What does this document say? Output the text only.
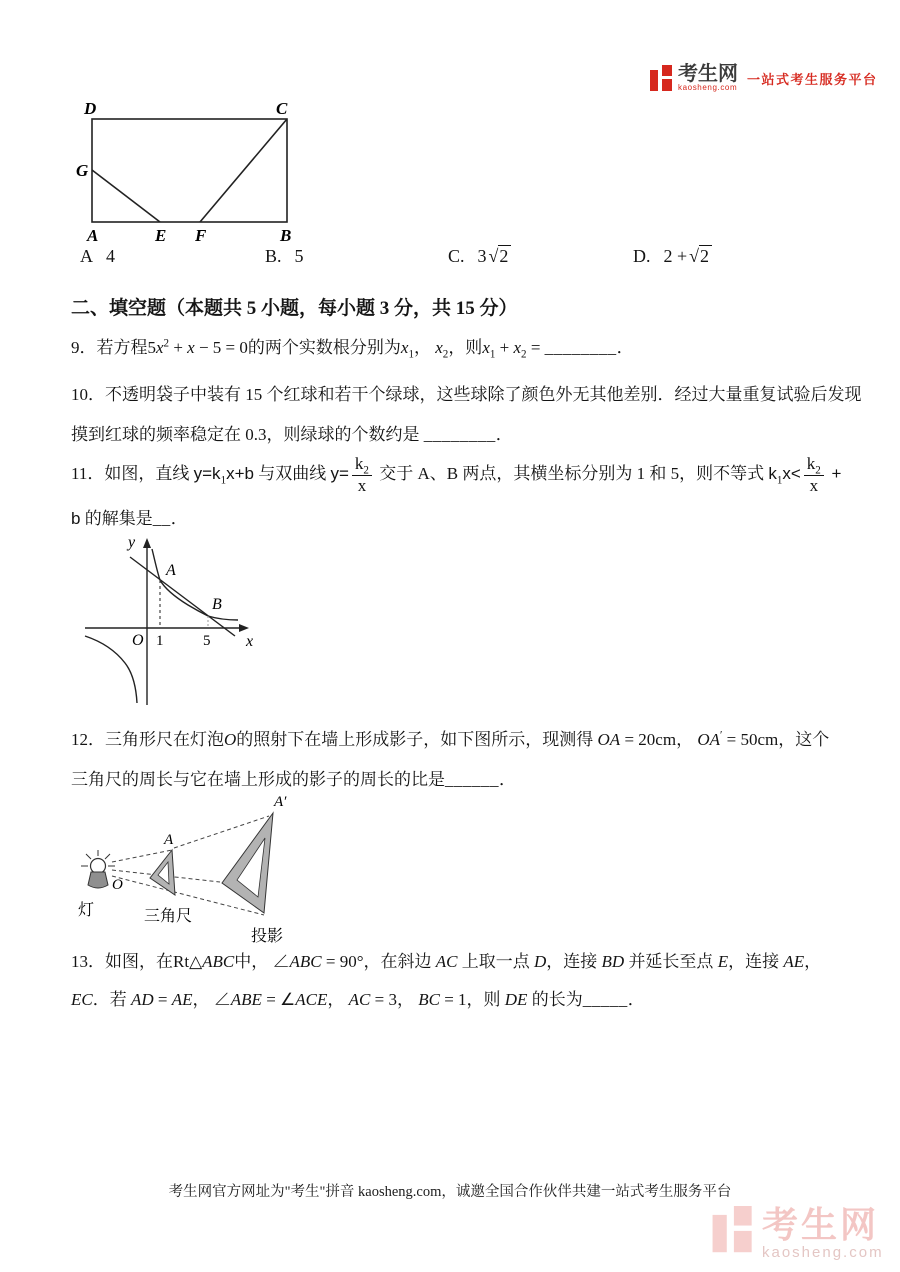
考生网
kaosheng.com
一站式考生服务平台
D	C
G
A	E F	B
A 4	B. 5	C. 3 √2	D. 2 + √2
二、填空题（本题共 5 小题，每小题 3 分，共 15 分）
9．若方程$5x^2 + x - 5 = 0$的两个实数根分别为$x_1$， $x_2$，则$x_1 + x_2$ = ________．
10．不透明袋子中装有 15 个红球和若干个绿球，这些球除了颜色外无其他差别．经过大量重复试验后发现
摸到红球的频率稳定在 0.3，则绿球的个数约是 ________．
11．如图，直线 $y=k_1x+b$ 与双曲线 $y= \frac{k_2}{x}$ 交于 A、B 两点，其横坐标分别为 1 和 5，则不等式 $k_1x< \frac{k_2}{x}$ +
b 的解集是__．
y
x
O 1	5
A
B
12．三角形尺在灯泡O的照射下在墙上形成影子，如下图所示，现测得 OA = 20cm， OA′ = 50cm，这个
三角尺的周长与它在墙上形成的影子的周长的比是______．
O
灯
A
三角尺
A′
投影
13．如图，在Rt△ABC中， ∠ABC = 90°，在斜边 AC 上取一点 D，连接 BD 并延长至点 E，连接 AE，
EC．若 AD = AE， ∠ABE = ∠ACE， AC = 3， BC = 1，则 DE 的长为_____．
考生网官方网址为"考生"拼音 kaosheng.com，诚邀全国合作伙伴共建一站式考生服务平台
考生网
kaosheng.com
